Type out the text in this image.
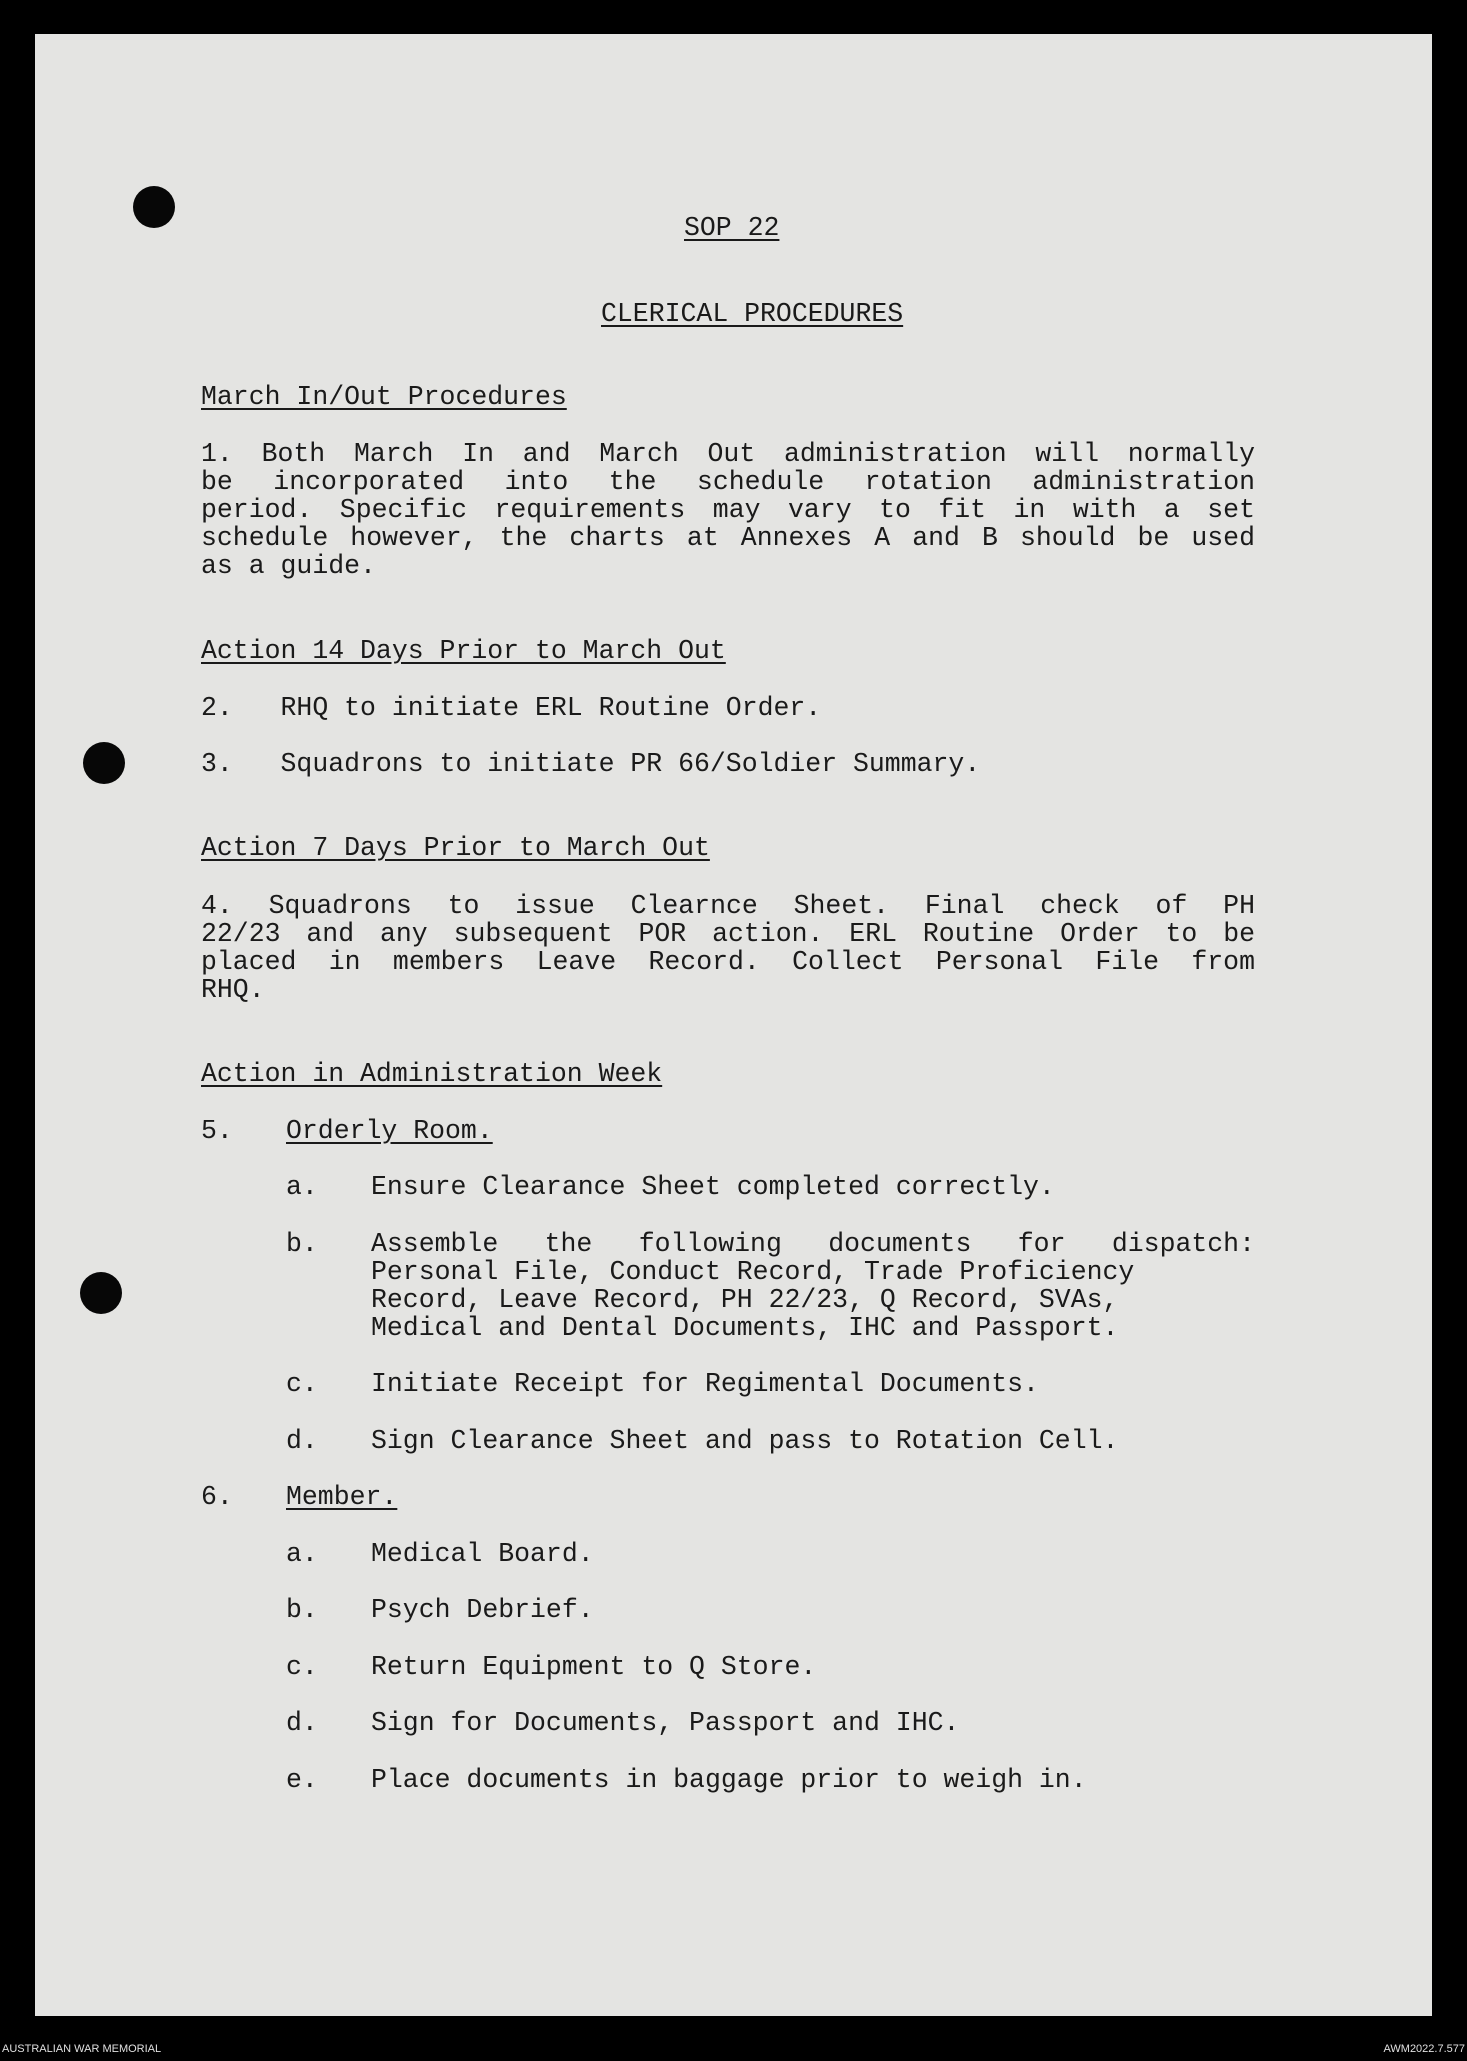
SOP 22
CLERICAL PROCEDURES
March In/Out Procedures
1. Both March In and March Out administration will normally
be incorporated into the schedule rotation administration
period. Specific requirements may vary to fit in with a set
schedule however, the charts at Annexes A and B should be used
as a guide.
Action 14 Days Prior to March Out
2.   RHQ to initiate ERL Routine Order.
3.   Squadrons to initiate PR 66/Soldier Summary.
Action 7 Days Prior to March Out
4. Squadrons to issue Clearnce Sheet. Final check of PH
22/23 and any subsequent POR action. ERL Routine Order to be
placed in members Leave Record. Collect Personal File from
RHQ.
Action in Administration Week
5. Orderly Room.
a. Ensure Clearance Sheet completed correctly.
b. Assemble the following documents for dispatch:
Personal File, Conduct Record, Trade Proficiency
Record, Leave Record, PH 22/23, Q Record, SVAs,
Medical and Dental Documents, IHC and Passport.
c. Initiate Receipt for Regimental Documents.
d. Sign Clearance Sheet and pass to Rotation Cell.
6. Member.
a. Medical Board.
b. Psych Debrief.
c. Return Equipment to Q Store.
d. Sign for Documents, Passport and IHC.
e. Place documents in baggage prior to weigh in.
AUSTRALIAN WAR MEMORIAL	AWM2022.7.577
